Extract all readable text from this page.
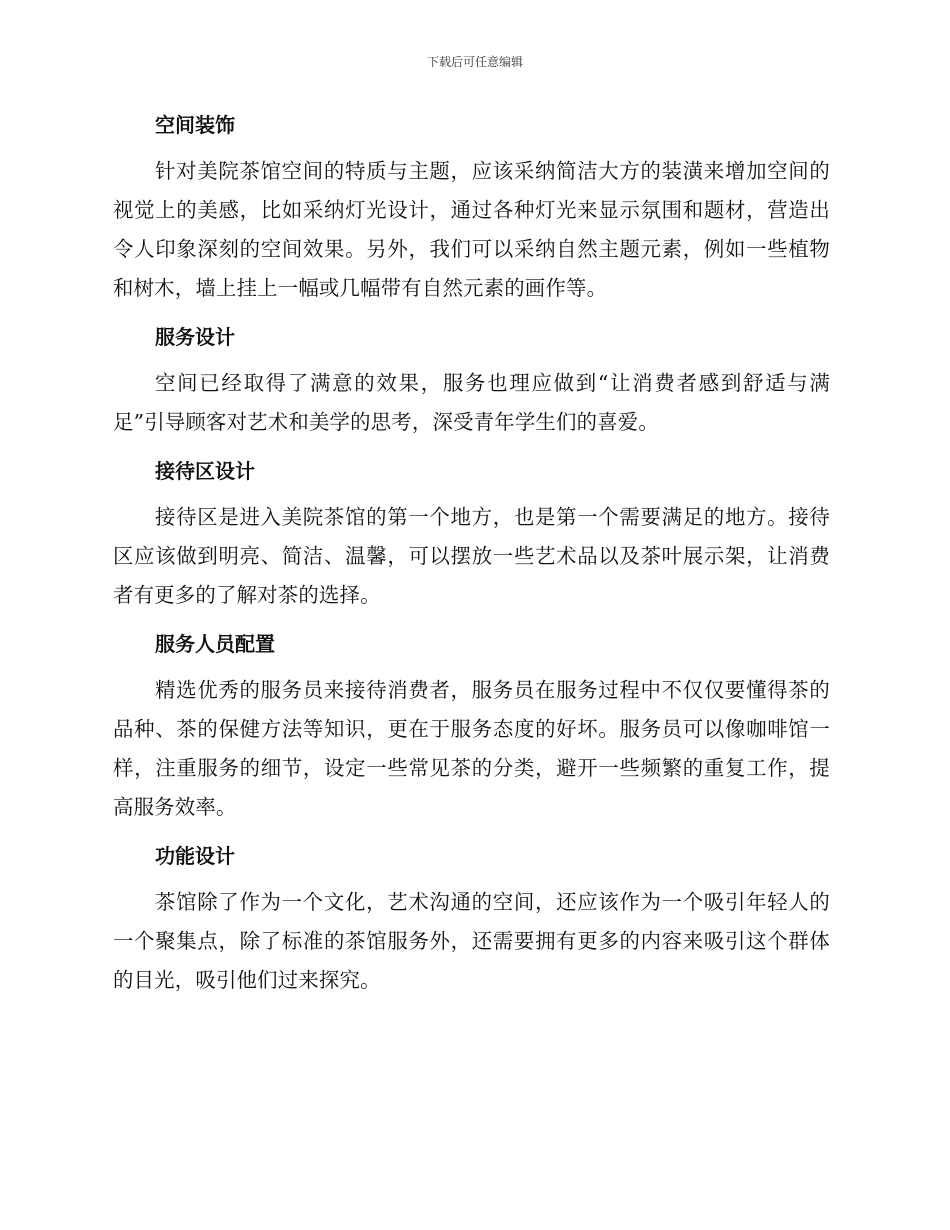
下载后可任意编辑
空间装饰

针对美院茶馆空间的特质与主题，应该采纳简洁大方的装潢来增加空间的视觉上的美感，比如采纳灯光设计，通过各种灯光来显示氛围和题材，营造出令人印象深刻的空间效果。另外，我们可以采纳自然主题元素，例如一些植物和树木，墙上挂上一幅或几幅带有自然元素的画作等。

服务设计

空间已经取得了满意的效果，服务也理应做到“让消费者感到舒适与满足”引导顾客对艺术和美学的思考，深受青年学生们的喜爱。

接待区设计

接待区是进入美院茶馆的第一个地方，也是第一个需要满足的地方。接待区应该做到明亮、简洁、温馨，可以摆放一些艺术品以及茶叶展示架，让消费者有更多的了解对茶的选择。

服务人员配置

精选优秀的服务员来接待消费者，服务员在服务过程中不仅仅要懂得茶的品种、茶的保健方法等知识，更在于服务态度的好坏。服务员可以像咖啡馆一样，注重服务的细节，设定一些常见茶的分类，避开一些频繁的重复工作，提高服务效率。

功能设计

茶馆除了作为一个文化，艺术沟通的空间，还应该作为一个吸引年轻人的一个聚集点，除了标准的茶馆服务外，还需要拥有更多的内容来吸引这个群体的目光，吸引他们过来探究。
